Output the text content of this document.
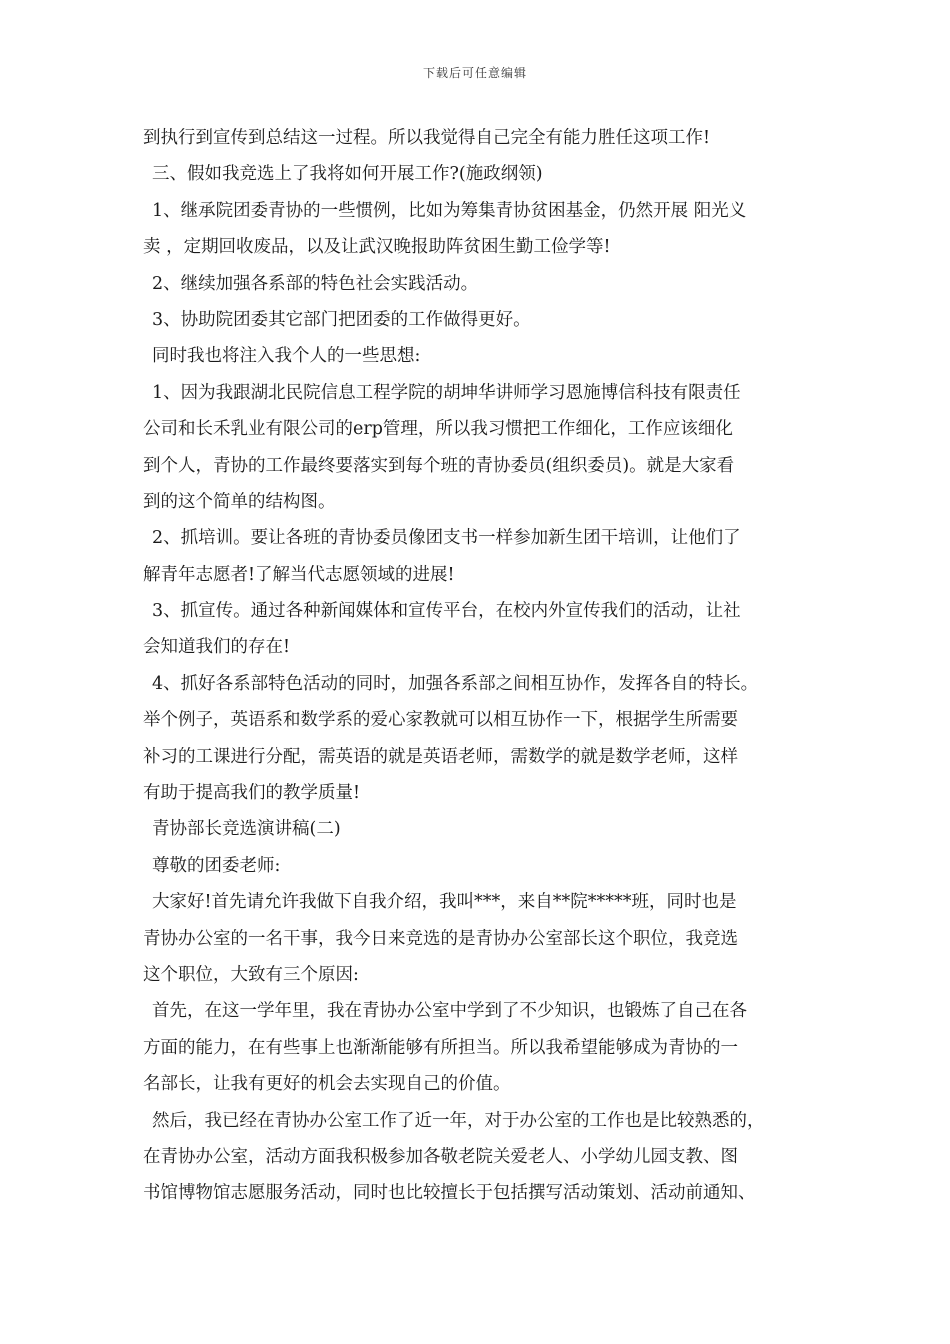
下载后可任意编辑
到执行到宣传到总结这一过程。所以我觉得自己完全有能力胜任这项工作!
三、假如我竞选上了我将如何开展工作?(施政纲领)
1、继承院团委青协的一些惯例，比如为筹集青协贫困基金，仍然开展 阳光义
卖 ，定期回收废品，以及让武汉晚报助阵贫困生勤工俭学等!
2、继续加强各系部的特色社会实践活动。
3、协助院团委其它部门把团委的工作做得更好。
同时我也将注入我个人的一些思想:
1、因为我跟湖北民院信息工程学院的胡坤华讲师学习恩施博信科技有限责任
公司和长禾乳业有限公司的erp管理，所以我习惯把工作细化，工作应该细化
到个人，青协的工作最终要落实到每个班的青协委员(组织委员)。就是大家看
到的这个简单的结构图。
2、抓培训。要让各班的青协委员像团支书一样参加新生团干培训，让他们了
解青年志愿者!了解当代志愿领域的进展!
3、抓宣传。通过各种新闻媒体和宣传平台，在校内外宣传我们的活动，让社
会知道我们的存在!
4、抓好各系部特色活动的同时，加强各系部之间相互协作，发挥各自的特长。
举个例子，英语系和数学系的爱心家教就可以相互协作一下，根据学生所需要
补习的工课进行分配，需英语的就是英语老师，需数学的就是数学老师，这样
有助于提高我们的教学质量!
青协部长竞选演讲稿(二)
尊敬的团委老师:
大家好!首先请允许我做下自我介绍，我叫***，来自**院*****班，同时也是
青协办公室的一名干事，我今日来竞选的是青协办公室部长这个职位，我竞选
这个职位，大致有三个原因:
首先，在这一学年里，我在青协办公室中学到了不少知识，也锻炼了自己在各
方面的能力，在有些事上也渐渐能够有所担当。所以我希望能够成为青协的一
名部长，让我有更好的机会去实现自己的价值。
然后，我已经在青协办公室工作了近一年，对于办公室的工作也是比较熟悉的，
在青协办公室，活动方面我积极参加各敬老院关爱老人、小学幼儿园支教、图
书馆博物馆志愿服务活动，同时也比较擅长于包括撰写活动策划、活动前通知、
